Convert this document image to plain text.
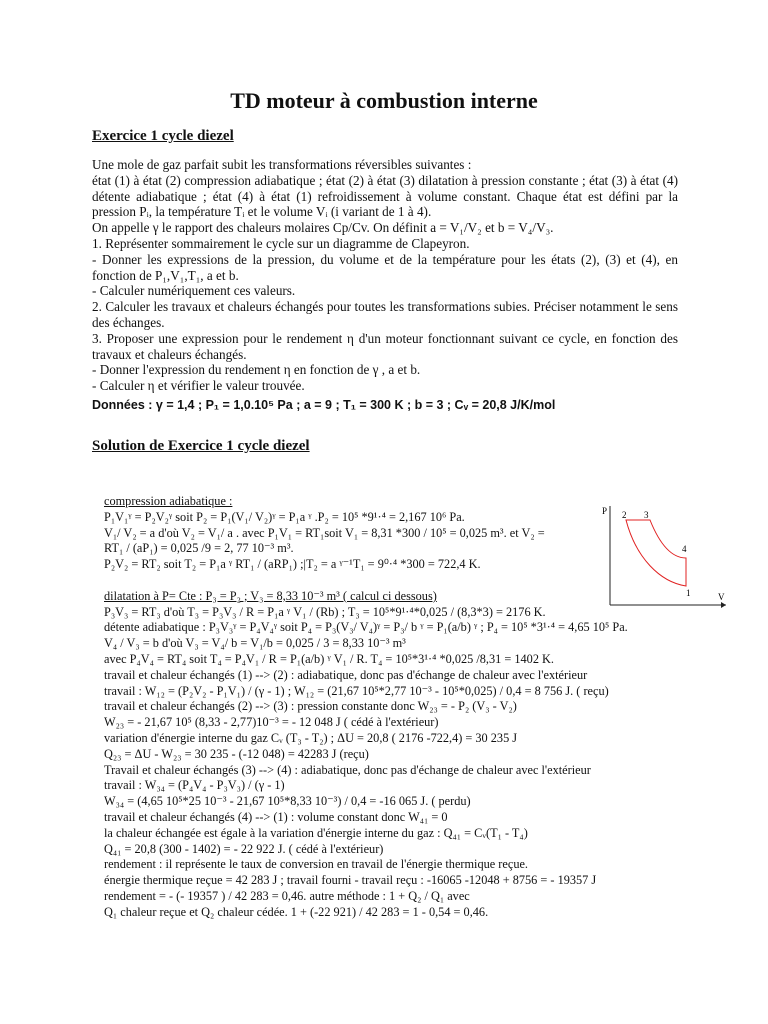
TD moteur à combustion interne
Exercice 1 cycle diezel

Une mole de gaz parfait subit les transformations réversibles suivantes :

état (1) à état (2) compression adiabatique ; état (2) à état (3) dilatation à pression constante ; état (3) à état (4) détente adiabatique ; état (4) à état (1) refroidissement à volume constant. Chaque état est défini par la pression Pᵢ, la température Tᵢ et le volume Vᵢ (i variant de 1 à 4).

On appelle γ le rapport des chaleurs molaires Cp/Cv. On définit a = V₁/V₂ et b = V₄/V₃.

1. Représenter sommairement le cycle sur un diagramme de Clapeyron.

- Donner les expressions de la pression, du volume et de la température pour les états (2), (3) et (4), en fonction de P₁,V₁,T₁, a et b.

- Calculer numériquement ces valeurs.

2. Calculer les travaux et chaleurs échangés pour toutes les transformations subies. Préciser notamment le sens des échanges.

3. Proposer une expression pour le rendement η d'un moteur fonctionnant suivant ce cycle, en fonction des travaux et chaleurs échangés.

- Donner l'expression du rendement η en fonction de γ , a et b.

- Calculer η et vérifier le valeur trouvée.

Données : γ = 1,4 ; P₁ = 1,0.10⁵ Pa ; a = 9 ; T₁ = 300 K ; b = 3 ; Cᵥ = 20,8 J/K/mol

Solution de Exercice 1 cycle diezel
compression adiabatique :
P₁V₁ᵞ = P₂V₂ᵞ soit P₂ = P₁(V₁/ V₂)ᵞ = P₁a ᵞ .P₂ = 10⁵ *9¹·⁴ = 2,167 10⁶ Pa.
V₁/ V₂ = a d'où V₂ = V₁/ a . avec P₁V₁ = RT₁soit V₁ = 8,31 *300 / 10⁵ = 0,025 m³. et V₂ =
RT₁ / (aP₁) = 0,025 /9 = 2, 77 10⁻³ m³.
P₂V₂ = RT₂ soit T₂ = P₁a ᵞ RT₁ / (aRP₁) ;|T₂ = a ᵞ⁻¹T₁ = 9⁰·⁴ *300 = 722,4 K.

dilatation à P= Cte : P₃ = P₂ ; V₃ = 8,33 10⁻³ m³ ( calcul ci dessous)
P₃V₃ = RT₃ d'où T₃ = P₃V₃ / R = P₁a ᵞ V₁ / (Rb) ; T₃ = 10⁵*9¹·⁴*0,025 / (8,3*3) = 2176 K.
détente adiabatique : P₃V₃ᵞ = P₄V₄ᵞ soit P₄ = P₃(V₃/ V₄)ᵞ = P₃/ b ᵞ = P₁(a/b) ᵞ ; P₄ = 10⁵ *3¹·⁴ = 4,65 10⁵ Pa.
V₄ / V₃ = b d'où V₃ = V₄/ b = V₁/b = 0,025 / 3 = 8,33 10⁻³ m³
avec P₄V₄ = RT₄ soit T₄ = P₄V₁ / R = P₁(a/b) ᵞ V₁ / R. T₄ = 10⁵*3¹·⁴ *0,025 /8,31 = 1402 K.
travail et chaleur échangés (1) --> (2) : adiabatique, donc pas d'échange de chaleur avec l'extérieur
travail : W₁₂ = (P₂V₂ - P₁V₁) / (γ - 1) ; W₁₂ = (21,67 10⁵*2,77 10⁻³ - 10⁵*0,025) / 0,4 = 8 756 J. ( reçu)
travail et chaleur échangés (2) --> (3) : pression constante donc W₂₃ = - P₂ (V₃ - V₂)
W₂₃ = - 21,67 10⁵ (8,33 - 2,77)10⁻³ = - 12 048 J ( cédé à l'extérieur)
variation d'énergie interne du gaz Cᵥ (T₃ - T₂) ; ΔU = 20,8 ( 2176 -722,4) = 30 235 J
Q₂₃ = ΔU - W₂₃ = 30 235 - (-12 048) = 42283 J (reçu)
Travail et chaleur échangés (3) --> (4) : adiabatique, donc pas d'échange de chaleur avec l'extérieur
travail : W₃₄ = (P₄V₄ - P₃V₃) / (γ - 1)
W₃₄ = (4,65 10⁵*25 10⁻³ - 21,67 10⁵*8,33 10⁻³) / 0,4 = -16 065 J. ( perdu)
travail et chaleur échangés (4) --> (1) : volume constant donc W₄₁ = 0
la chaleur échangée est égale à la variation d'énergie interne du gaz : Q₄₁ = Cᵥ(T₁ - T₄)
Q₄₁ = 20,8 (300 - 1402) = - 22 922 J. ( cédé à l'extérieur)
rendement : il représente le taux de conversion en travail de l'énergie thermique reçue.
énergie thermique reçue = 42 283 J ; travail fourni - travail reçu : -16065 -12048 + 8756 = - 19357 J
rendement = - (- 19357 ) / 42 283 = 0,46. autre méthode : 1 + Q₂ / Q₁ avec
Q₁ chaleur reçue et Q₂ chaleur cédée. 1 + (-22 921) / 42 283 = 1 - 0,54 = 0,46.
P
V
2 3
4
1
